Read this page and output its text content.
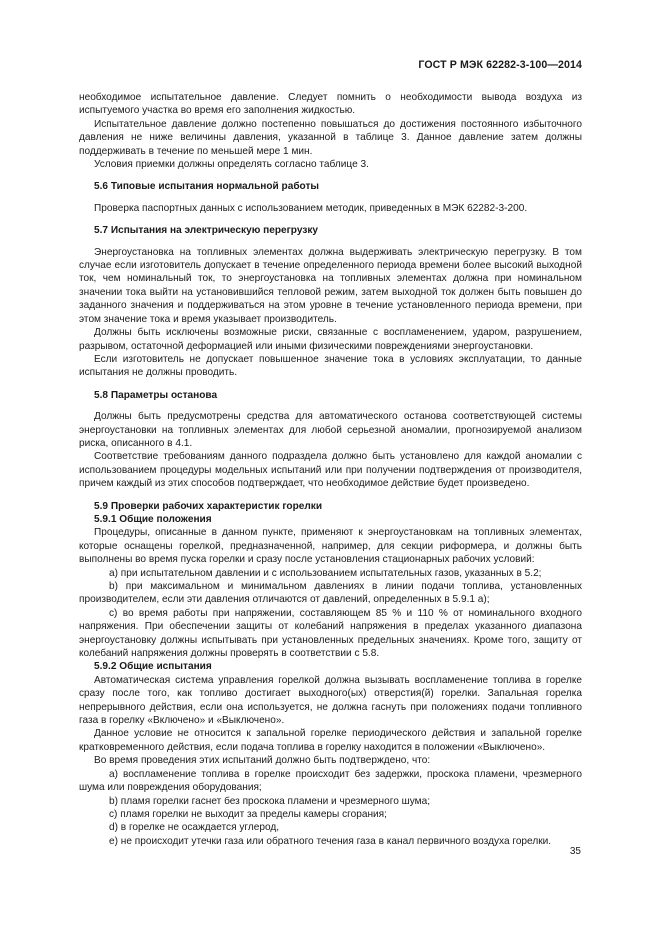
ГОСТ Р МЭК 62282-3-100—2014

необходимое испытательное давление. Следует помнить о необходимости вывода воздуха из испытуемого участка во время его заполнения жидкостью.

Испытательное давление должно постепенно повышаться до достижения постоянного избыточного давления не ниже величины давления, указанной в таблице 3. Данное давление затем должны поддерживать в течение по меньшей мере 1 мин.

Условия приемки должны определять согласно таблице 3.

5.6 Типовые испытания нормальной работы

Проверка паспортных данных с использованием методик, приведенных в МЭК 62282-3-200.

5.7 Испытания на электрическую перегрузку

Энергоустановка на топливных элементах должна выдерживать электрическую перегрузку. В том случае если изготовитель допускает в течение определенного периода времени более высокий выходной ток, чем номинальный ток, то энергоустановка на топливных элементах должна при номинальном значении тока выйти на установившийся тепловой режим, затем выходной ток должен быть повышен до заданного значения и поддерживаться на этом уровне в течение установленного периода времени, при этом значение тока и время указывает производитель.

Должны быть исключены возможные риски, связанные с воспламенением, ударом, разрушением, разрывом, остаточной деформацией или иными физическими повреждениями энергоустановки.

Если изготовитель не допускает повышенное значение тока в условиях эксплуатации, то данные испытания не должны проводить.

5.8 Параметры останова

Должны быть предусмотрены средства для автоматического останова соответствующей системы энергоустановки на топливных элементах для любой серьезной аномалии, прогнозируемой анализом риска, описанного в 4.1.

Соответствие требованиям данного подраздела должно быть установлено для каждой аномалии с использованием процедуры модельных испытаний или при получении подтверждения от производителя, причем каждый из этих способов подтверждает, что необходимое действие будет произведено.

5.9 Проверки рабочих характеристик горелки

5.9.1 Общие положения

Процедуры, описанные в данном пункте, применяют к энергоустановкам на топливных элементах, которые оснащены горелкой, предназначенной, например, для секции риформера, и должны быть выполнены во время пуска горелки и сразу после установления стационарных рабочих условий:

а) при испытательном давлении и с использованием испытательных газов, указанных в 5.2;

b) при максимальном и минимальном давлениях в линии подачи топлива, установленных производителем, если эти давления отличаются от давлений, определенных в 5.9.1 а);

с) во время работы при напряжении, составляющем 85 % и 110 % от номинального входного напряжения. При обеспечении защиты от колебаний напряжения в пределах указанного диапазона энергоустановку должны испытывать при установленных предельных значениях. Кроме того, защиту от колебаний напряжения должны проверять в соответствии с 5.8.

5.9.2 Общие испытания

Автоматическая система управления горелкой должна вызывать воспламенение топлива в горелке сразу после того, как топливо достигает выходного(ых) отверстия(й) горелки. Запальная горелка непрерывного действия, если она используется, не должна гаснуть при положениях подачи топливного газа в горелку «Включено» и «Выключено».

Данное условие не относится к запальной горелке периодического действия и запальной горелке кратковременного действия, если подача топлива в горелку находится в положении «Выключено».

Во время проведения этих испытаний должно быть подтверждено, что:

а) воспламенение топлива в горелке происходит без задержки, проскока пламени, чрезмерного шума или повреждения оборудования;

b) пламя горелки гаснет без проскока пламени и чрезмерного шума;

с) пламя горелки не выходит за пределы камеры сгорания;

d) в горелке не осаждается углерод,

е) не происходит утечки газа или обратного течения газа в канал первичного воздуха горелки.

35
